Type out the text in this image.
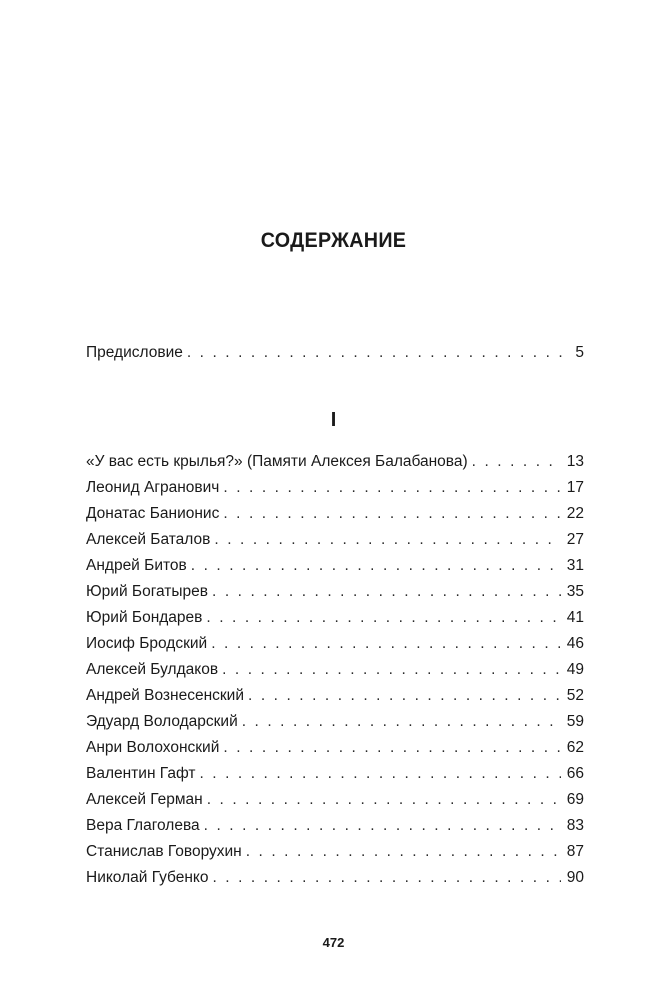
СОДЕРЖАНИЕ
Предисловие . . .	5
I
«У вас есть крылья?» (Памяти Алексея Балабанова) . . .	13
Леонид Агранович . . .	17
Донатас Банионис . . .	22
Алексей Баталов . . .	27
Андрей Битов . . .	31
Юрий Богатырев . . .	35
Юрий Бондарев . . .	41
Иосиф Бродский . . .	46
Алексей Булдаков . . .	49
Андрей Вознесенский . . .	52
Эдуард Володарский . . .	59
Анри Волохонский . . .	62
Валентин Гафт . . .	66
Алексей Герман . . .	69
Вера Глаголева . . .	83
Станислав Говорухин . . .	87
Николай Губенко . . .	90
472
